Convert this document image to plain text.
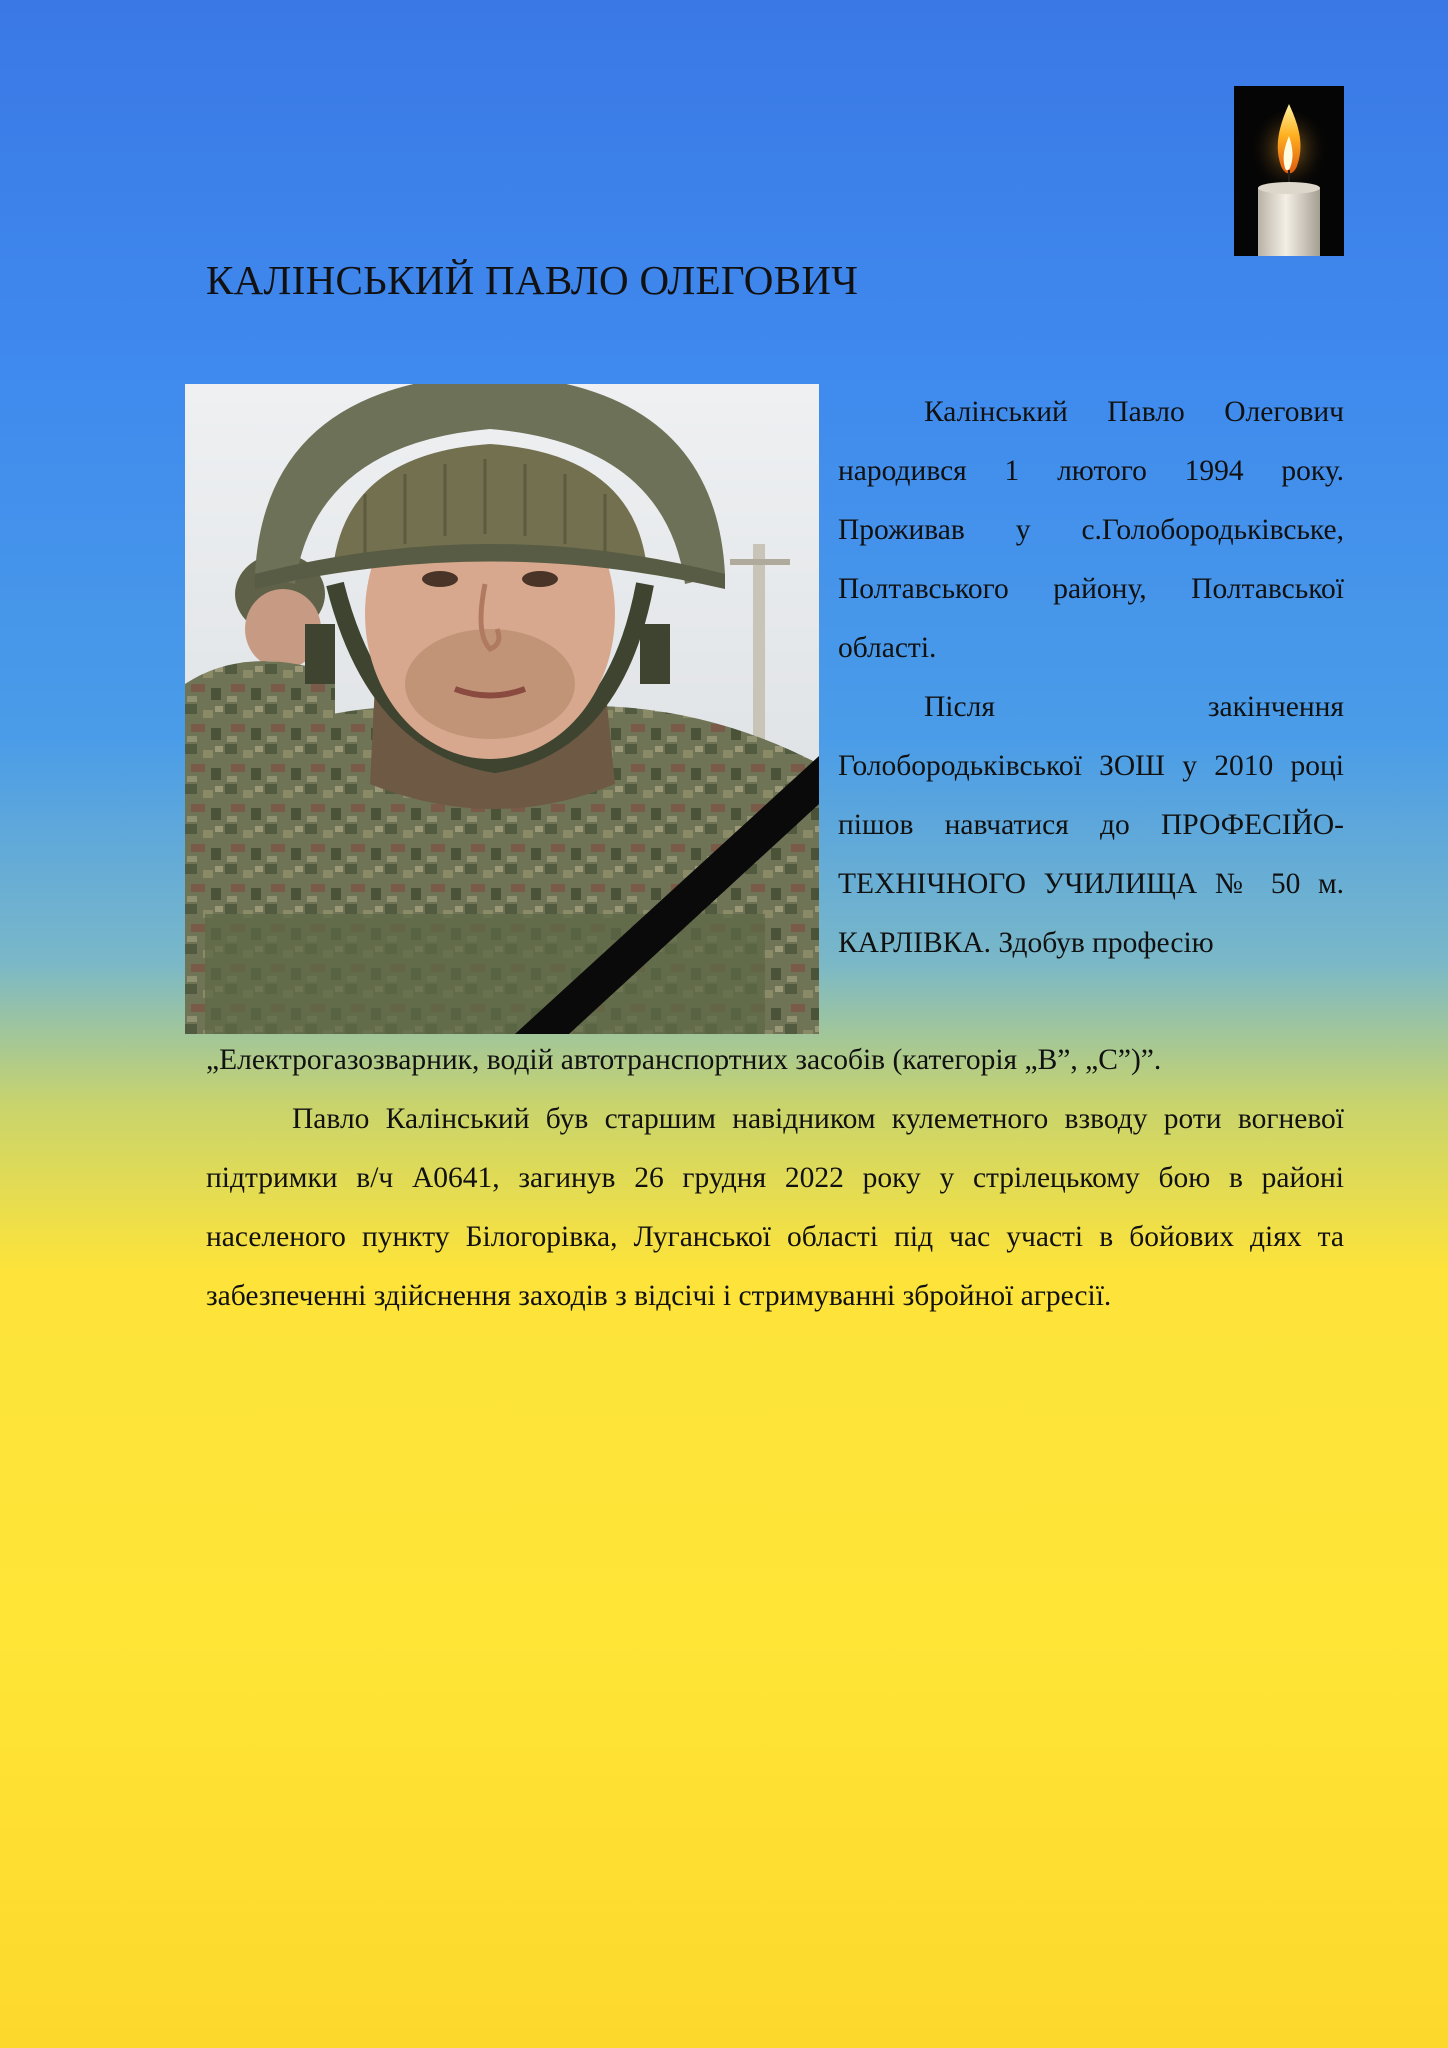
КАЛІНСЬКИЙ ПАВЛО ОЛЕГОВИЧ

Калінський Павло Олегович народився 1 лютого 1994 року. Проживав у с.Голобородьківське, Полтавського району, Полтавської області.

Після закінчення Голобородьківської ЗОШ у 2010 році пішов навчатися до ПРОФЕСІЙО-ТЕХНІЧНОГО УЧИЛИЩА № 50 м. КАРЛІВКА. Здобув професію

„Електрогазозварник, водій автотранспортних засобів (категорія „В”, „С”)”.

Павло Калінський був старшим навідником кулеметного взводу роти вогневої підтримки в/ч А0641, загинув 26 грудня 2022 року у стрілецькому бою в районі населеного пункту Білогорівка, Луганської області під час участі в бойових діях та забезпеченні здійснення заходів з відсічі і стримуванні збройної агресії.
